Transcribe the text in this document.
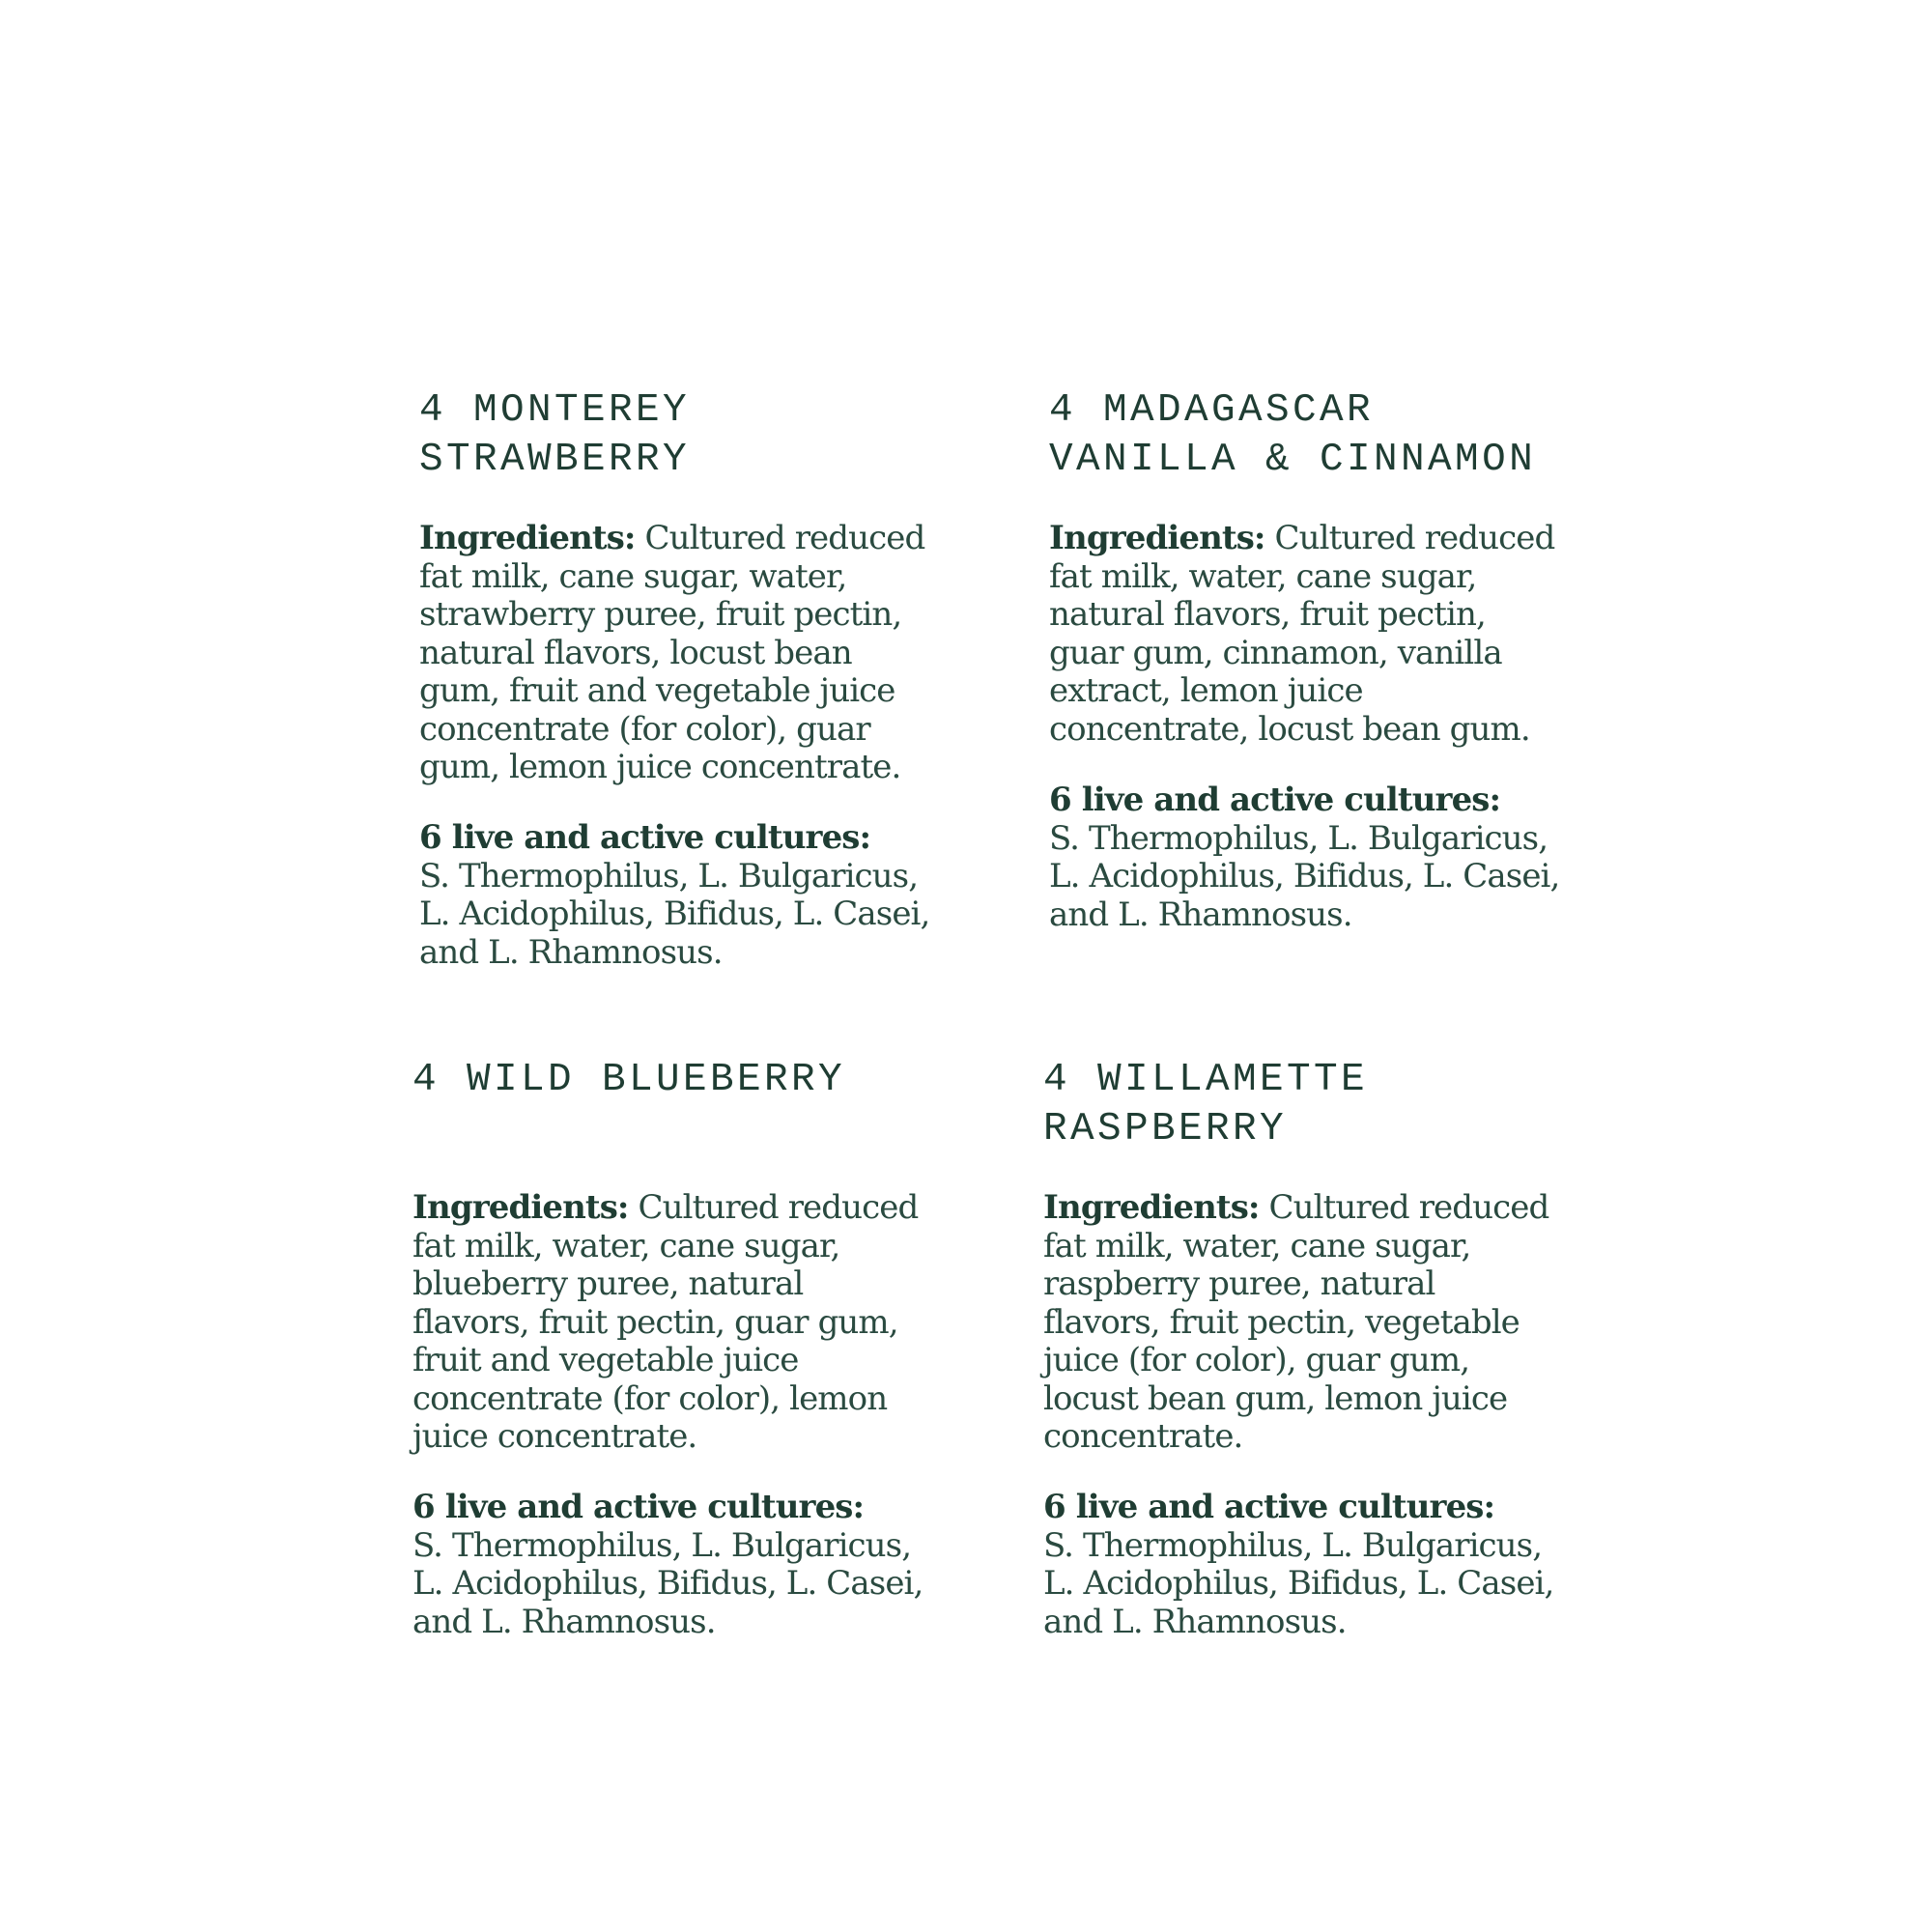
4 MONTEREY STRAWBERRY

Ingredients: Cultured reduced
fat milk, cane sugar, water,
strawberry puree, fruit pectin,
natural flavors, locust bean
gum, fruit and vegetable juice
concentrate (for color), guar
gum, lemon juice concentrate.

6 live and active cultures:
S. Thermophilus, L. Bulgaricus,
L. Acidophilus, Bifidus, L. Casei,
and L. Rhamnosus.

4 MADAGASCAR
VANILLA & CINNAMON

Ingredients: Cultured reduced
fat milk, water, cane sugar,
natural flavors, fruit pectin,
guar gum, cinnamon, vanilla
extract, lemon juice
concentrate, locust bean gum.

6 live and active cultures:
S. Thermophilus, L. Bulgaricus,
L. Acidophilus, Bifidus, L. Casei,
and L. Rhamnosus.

4 WILD BLUEBERRY

Ingredients: Cultured reduced
fat milk, water, cane sugar,
blueberry puree, natural
flavors, fruit pectin, guar gum,
fruit and vegetable juice
concentrate (for color), lemon
juice concentrate.

6 live and active cultures:
S. Thermophilus, L. Bulgaricus,
L. Acidophilus, Bifidus, L. Casei,
and L. Rhamnosus.

4 WILLAMETTE
RASPBERRY

Ingredients: Cultured reduced
fat milk, water, cane sugar,
raspberry puree, natural
flavors, fruit pectin, vegetable
juice (for color), guar gum,
locust bean gum, lemon juice
concentrate.

6 live and active cultures:
S. Thermophilus, L. Bulgaricus,
L. Acidophilus, Bifidus, L. Casei,
and L. Rhamnosus.
